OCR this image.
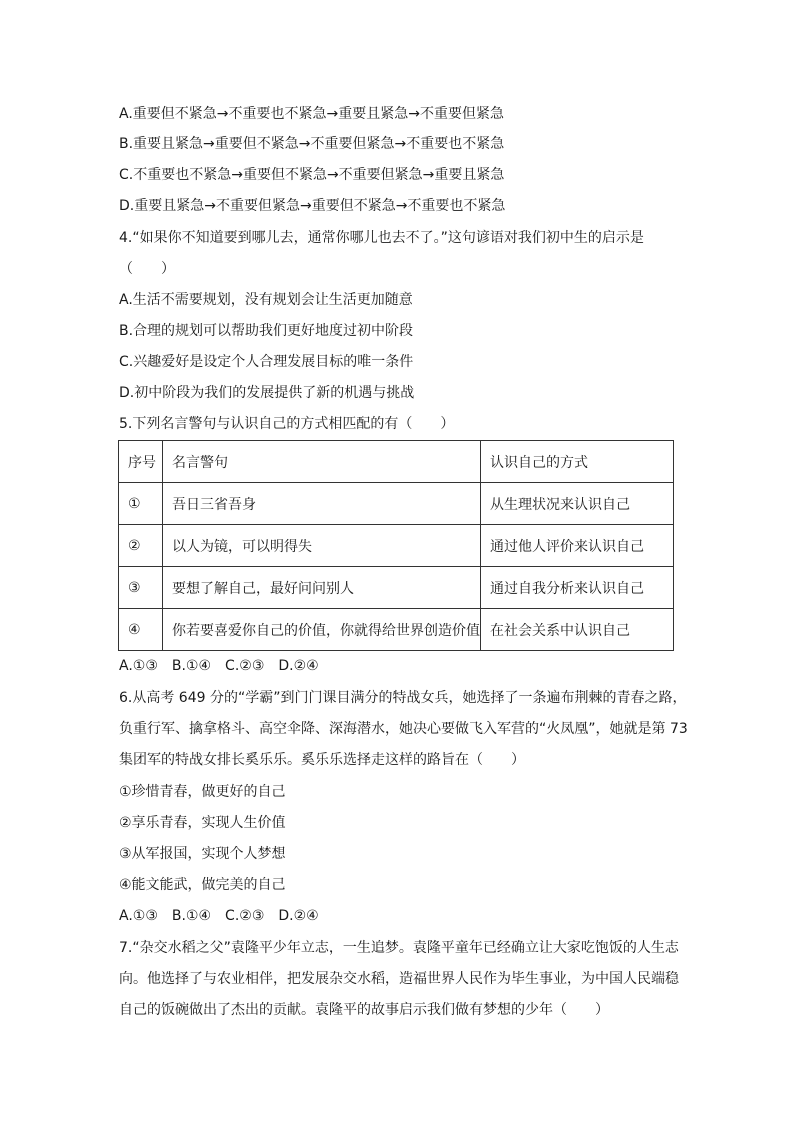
A.重要但不紧急→不重要也不紧急→重要且紧急→不重要但紧急
B.重要且紧急→重要但不紧急→不重要但紧急→不重要也不紧急
C.不重要也不紧急→重要但不紧急→不重要但紧急→重要且紧急
D.重要且紧急→不重要但紧急→重要但不紧急→不重要也不紧急
4.“如果你不知道要到哪儿去，通常你哪儿也去不了。”这句谚语对我们初中生的启示是
（　　）
A.生活不需要规划，没有规划会让生活更加随意
B.合理的规划可以帮助我们更好地度过初中阶段
C.兴趣爱好是设定个人合理发展目标的唯一条件
D.初中阶段为我们的发展提供了新的机遇与挑战
5.下列名言警句与认识自己的方式相匹配的有（　　）
序号	名言警句	认识自己的方式
①	吾日三省吾身	从生理状况来认识自己
②	以人为镜，可以明得失	通过他人评价来认识自己
③	要想了解自己，最好问问别人	通过自我分析来认识自己
④	你若要喜爱你自己的价值，你就得给世界创造价值	在社会关系中认识自己
A.①③　B.①④　C.②③　D.②④
6.从高考 649 分的“学霸”到门门课目满分的特战女兵，她选择了一条遍布荆棘的青春之路，
负重行军、擒拿格斗、高空伞降、深海潜水，她决心要做飞入军营的“火凤凰”，她就是第 73
集团军的特战女排长奚乐乐。奚乐乐选择走这样的路旨在（　　）
①珍惜青春，做更好的自己
②享乐青春，实现人生价值
③从军报国，实现个人梦想
④能文能武，做完美的自己
A.①③　B.①④　C.②③　D.②④
7.“杂交水稻之父”袁隆平少年立志，一生追梦。袁隆平童年已经确立让大家吃饱饭的人生志
向。他选择了与农业相伴，把发展杂交水稻，造福世界人民作为毕生事业，为中国人民端稳
自己的饭碗做出了杰出的贡献。袁隆平的故事启示我们做有梦想的少年（　　）
